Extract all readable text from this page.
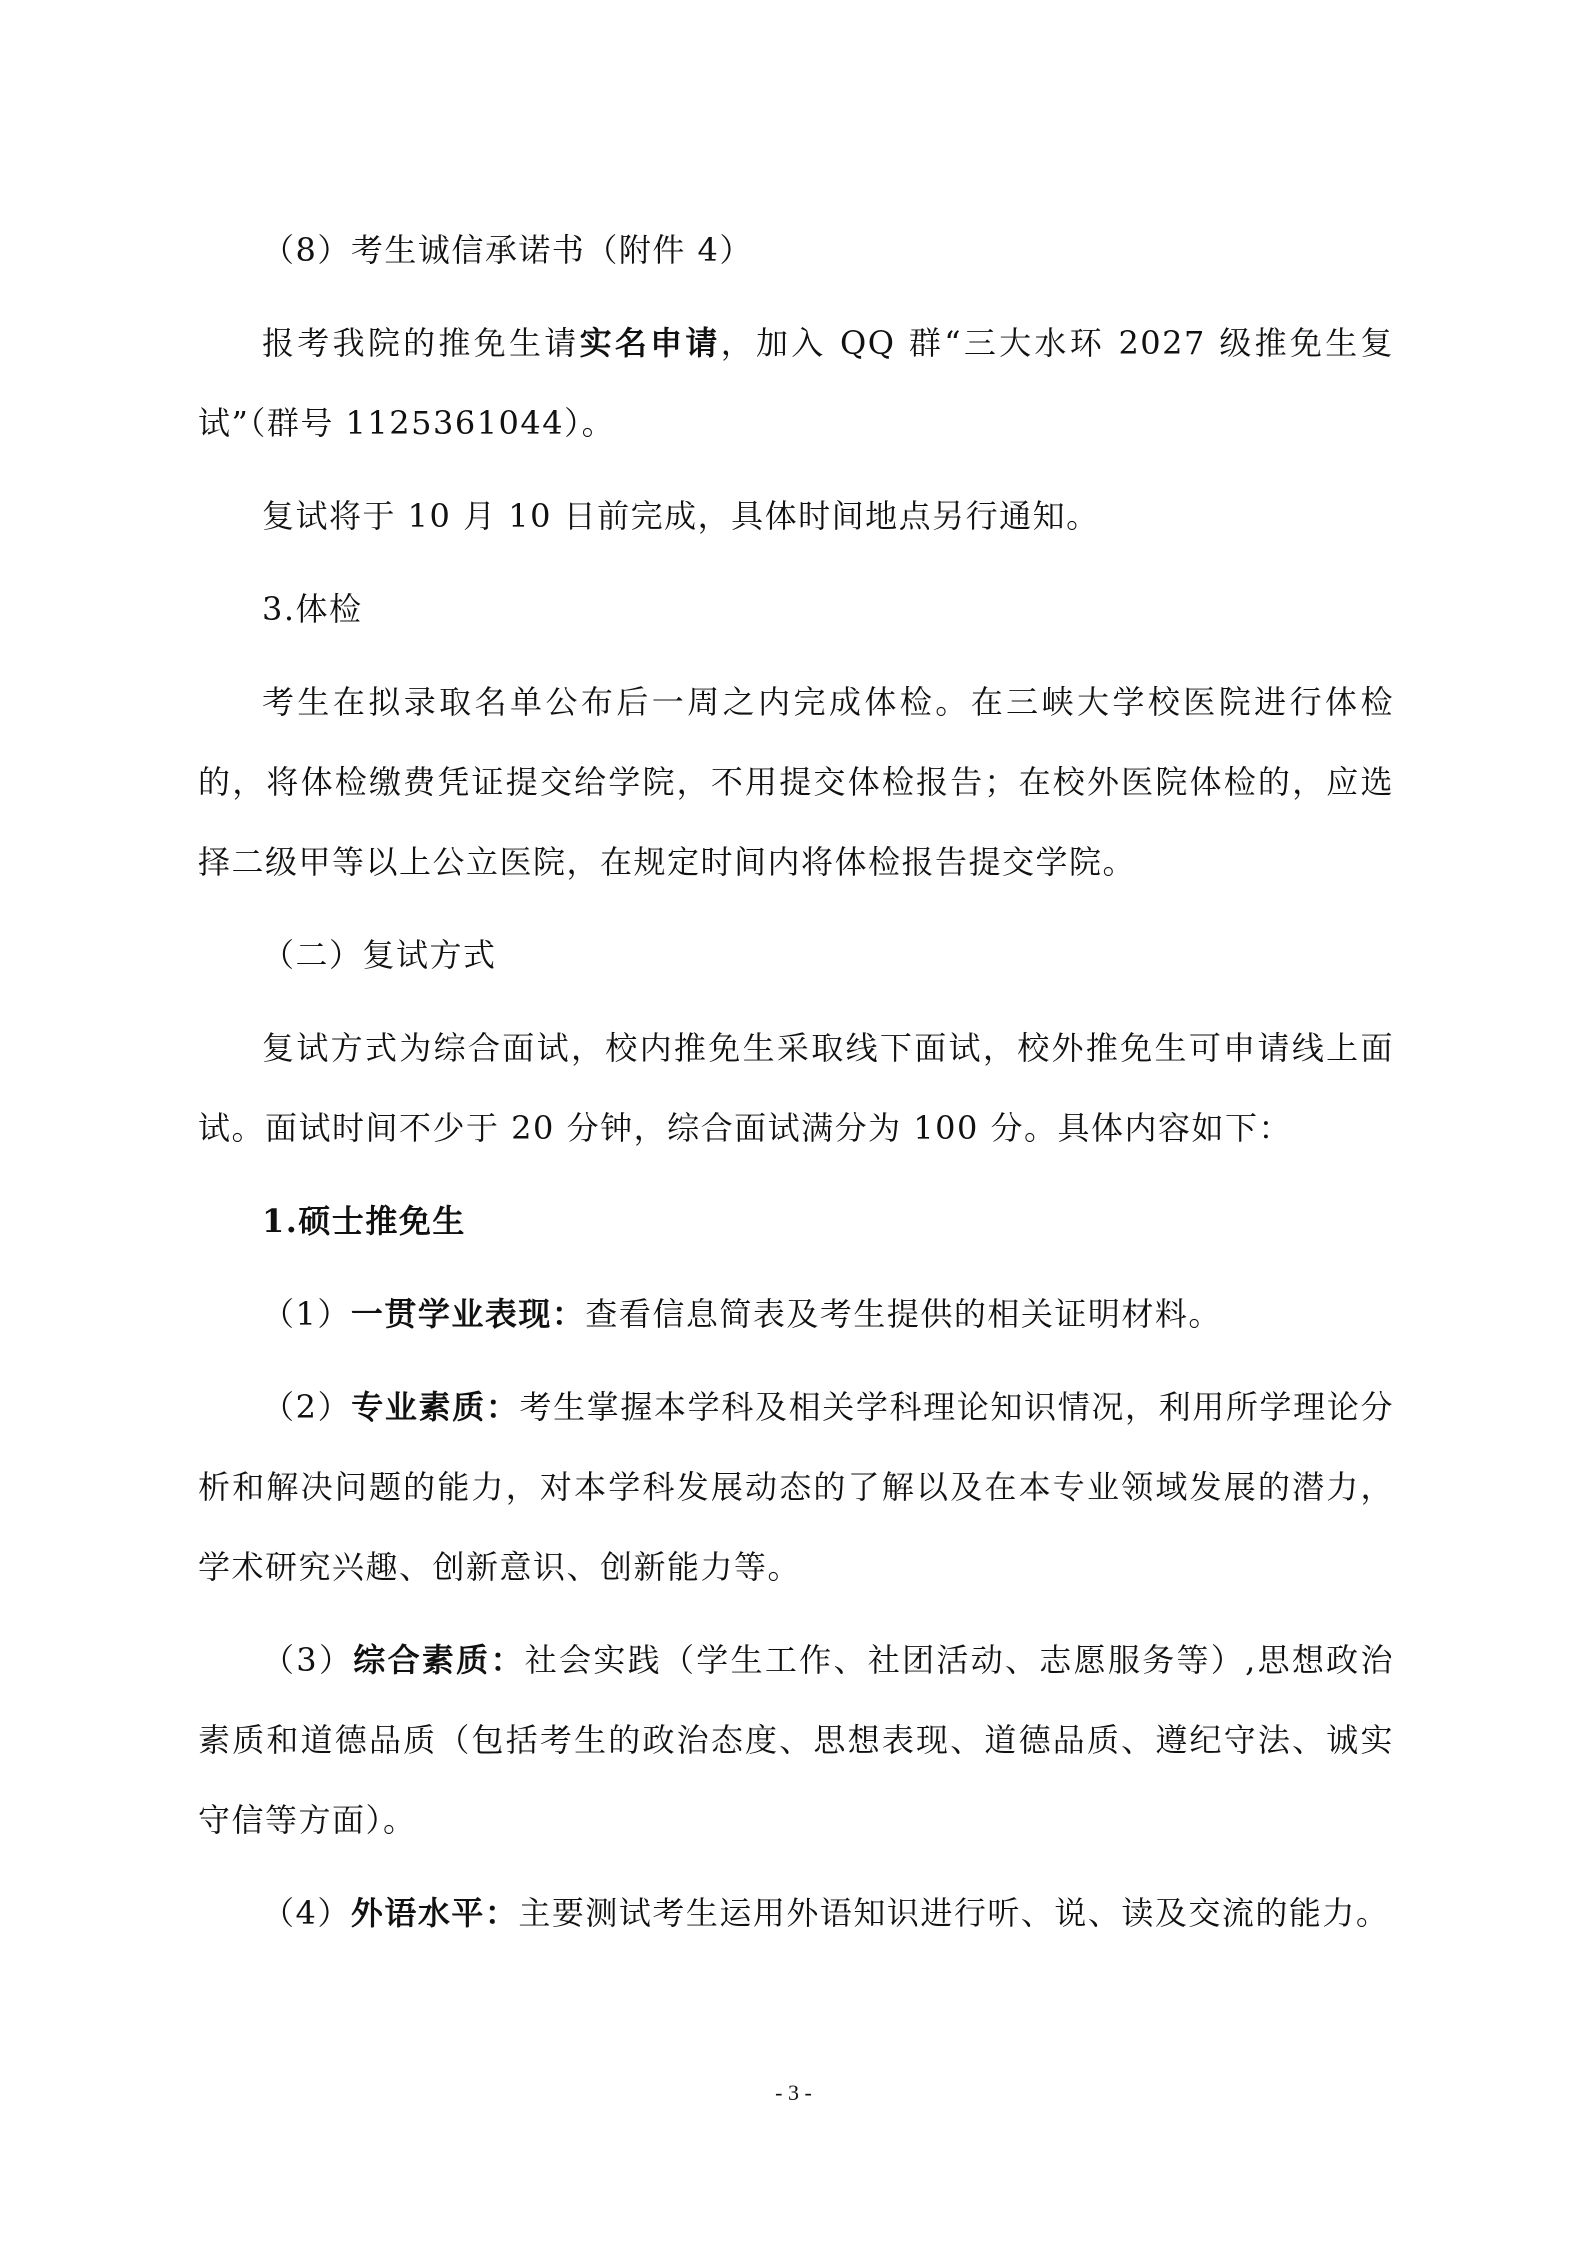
（8）考生诚信承诺书（附件 4）

报考我院的推免生请实名申请，加入 QQ 群“三大水环 2027 级推免生复试”（群号 1125361044）。

复试将于 10 月 10 日前完成，具体时间地点另行通知。

3.体检

考生在拟录取名单公布后一周之内完成体检。在三峡大学校医院进行体检的，将体检缴费凭证提交给学院，不用提交体检报告；在校外医院体检的，应选择二级甲等以上公立医院，在规定时间内将体检报告提交学院。

（二）复试方式

复试方式为综合面试，校内推免生采取线下面试，校外推免生可申请线上面试。面试时间不少于 20 分钟，综合面试满分为 100 分。具体内容如下：

1.硕士推免生

（1）一贯学业表现：查看信息简表及考生提供的相关证明材料。

（2）专业素质：考生掌握本学科及相关学科理论知识情况，利用所学理论分析和解决问题的能力，对本学科发展动态的了解以及在本专业领域发展的潜力，学术研究兴趣、创新意识、创新能力等。

（3）综合素质：社会实践（学生工作、社团活动、志愿服务等）,思想政治素质和道德品质（包括考生的政治态度、思想表现、道德品质、遵纪守法、诚实守信等方面）。

（4）外语水平：主要测试考生运用外语知识进行听、说、读及交流的能力。

- 3 -
